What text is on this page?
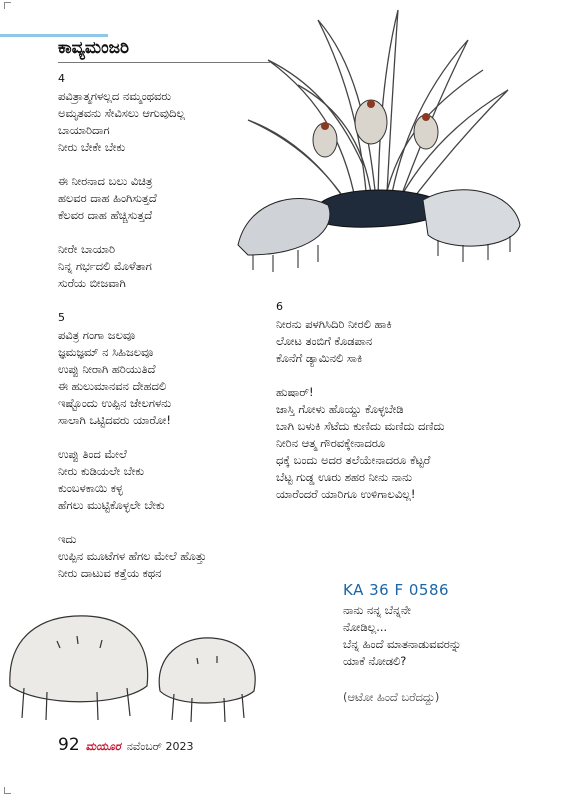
ಕಾವ್ಯಮಂಜರಿ
4
ಪವಿತ್ರಾತ್ಮಗಳಲ್ಲದ ನಮ್ಮಂಥವರು
ಅಮೃತವನು ಸೇವಿಸಲು ಆಗುವುದಿಲ್ಲ
ಬಾಯಾರಿದಾಗ
ನೀರು ಬೇಕೇ ಬೇಕು
ಈ ನೀರನಾದ ಬಲು ವಿಚಿತ್ರ
ಹಲವರ ದಾಹ ಹಿಂಗಿಸುತ್ತದೆ
ಕೆಲವರ ದಾಹ ಹೆಚ್ಚಿಸುತ್ತದೆ
ನೀರೇ ಬಾಯಾರಿ
ನಿನ್ನ ಗರ್ಭದಲಿ ಮೊಳೆತಾಗ
ಸುರೆಯ ಬೀಜವಾಗಿ
5
ಪವಿತ್ರ ಗಂಗಾ ಜಲವೂ
ಜ್ಞಮಜ್ಞಮ್ ನ ಸಿಹಿಜಲವೂ
ಉಪ್ಪು ನೀರಾಗಿ ಹರಿಯುತಿದೆ
ಈ ಹುಲುಮಾನವನ ದೇಹದಲಿ
ಇಷ್ಟೊಂದು ಉಪ್ಪಿನ ಜೇಲಗಳನು
ಸಾಲಾಗಿ ಒಟ್ಟಿದವರು ಯಾರೋ!
ಉಪ್ಪು ತಿಂದ ಮೇಲೆ
ನೀರು ಕುಡಿಯಲೇ ಬೇಕು
ಕುಂಬಳಕಾಯಿ ಕಳ್ಳ
ಹೆಗಲು ಮುಟ್ಟಿಕೊಳ್ಳಲೇ ಬೇಕು
ಇದು
ಉಪ್ಪಿನ ಮೂಟೆಗಳ ಹೆಗಲ ಮೇಲೆ ಹೊತ್ತು
ನೀರು ದಾಟುವ ಕತ್ತೆಯ ಕಥನ
6
ನೀರನು ಪಳಗಿಸಿದಿರಿ ನೀರಲಿ ಹಾಕಿ
ಲೋಟ ತಂಬಿಗೆ ಕೊಡಪಾನ
ಕೊನೆಗೆ ಡ್ಯಾಮಿನಲಿ ಸಾಕಿ
ಹುಷಾರ್!
ಜಾಸ್ತಿ ಗೋಳು ಹೊಯ್ದು ಕೊಳ್ಳಬೇಡಿ
ಬಾಗಿ ಬಳುಕಿ ಸೆಟೆದು ಕುಣಿದು ಮಣಿದು ದಣಿದು
ನೀರಿನ ಆತ್ಮ ಗೌರವಕ್ಕೇನಾದರೂ
ಧಕ್ಕೆ ಬಂದು ಅದರ ತಲೆಯೇನಾದರೂ ಕೆಟ್ಟರೆ
ಬೆಟ್ಟ ಗುಡ್ಡ ಊರು ಶಹರ ನೀನು ನಾನು
ಯಾರೆಂದರೆ ಯಾರಿಗೂ ಉಳಿಗಾಲವಿಲ್ಲ!
KA 36 F 0586
ನಾನು ನನ್ನ ಬೆನ್ನನೇ
ನೋಡಿಲ್ಲ...
ಬೆನ್ನ ಹಿಂದೆ ಮಾತನಾಡುವವರನ್ನು
ಯಾಕೆ ನೋಡಲಿ?
(ಆಟೋ ಹಿಂದೆ ಬರೆದದ್ದು)
92 ಮಯೂರ ನವೆಂಬರ್ 2023
